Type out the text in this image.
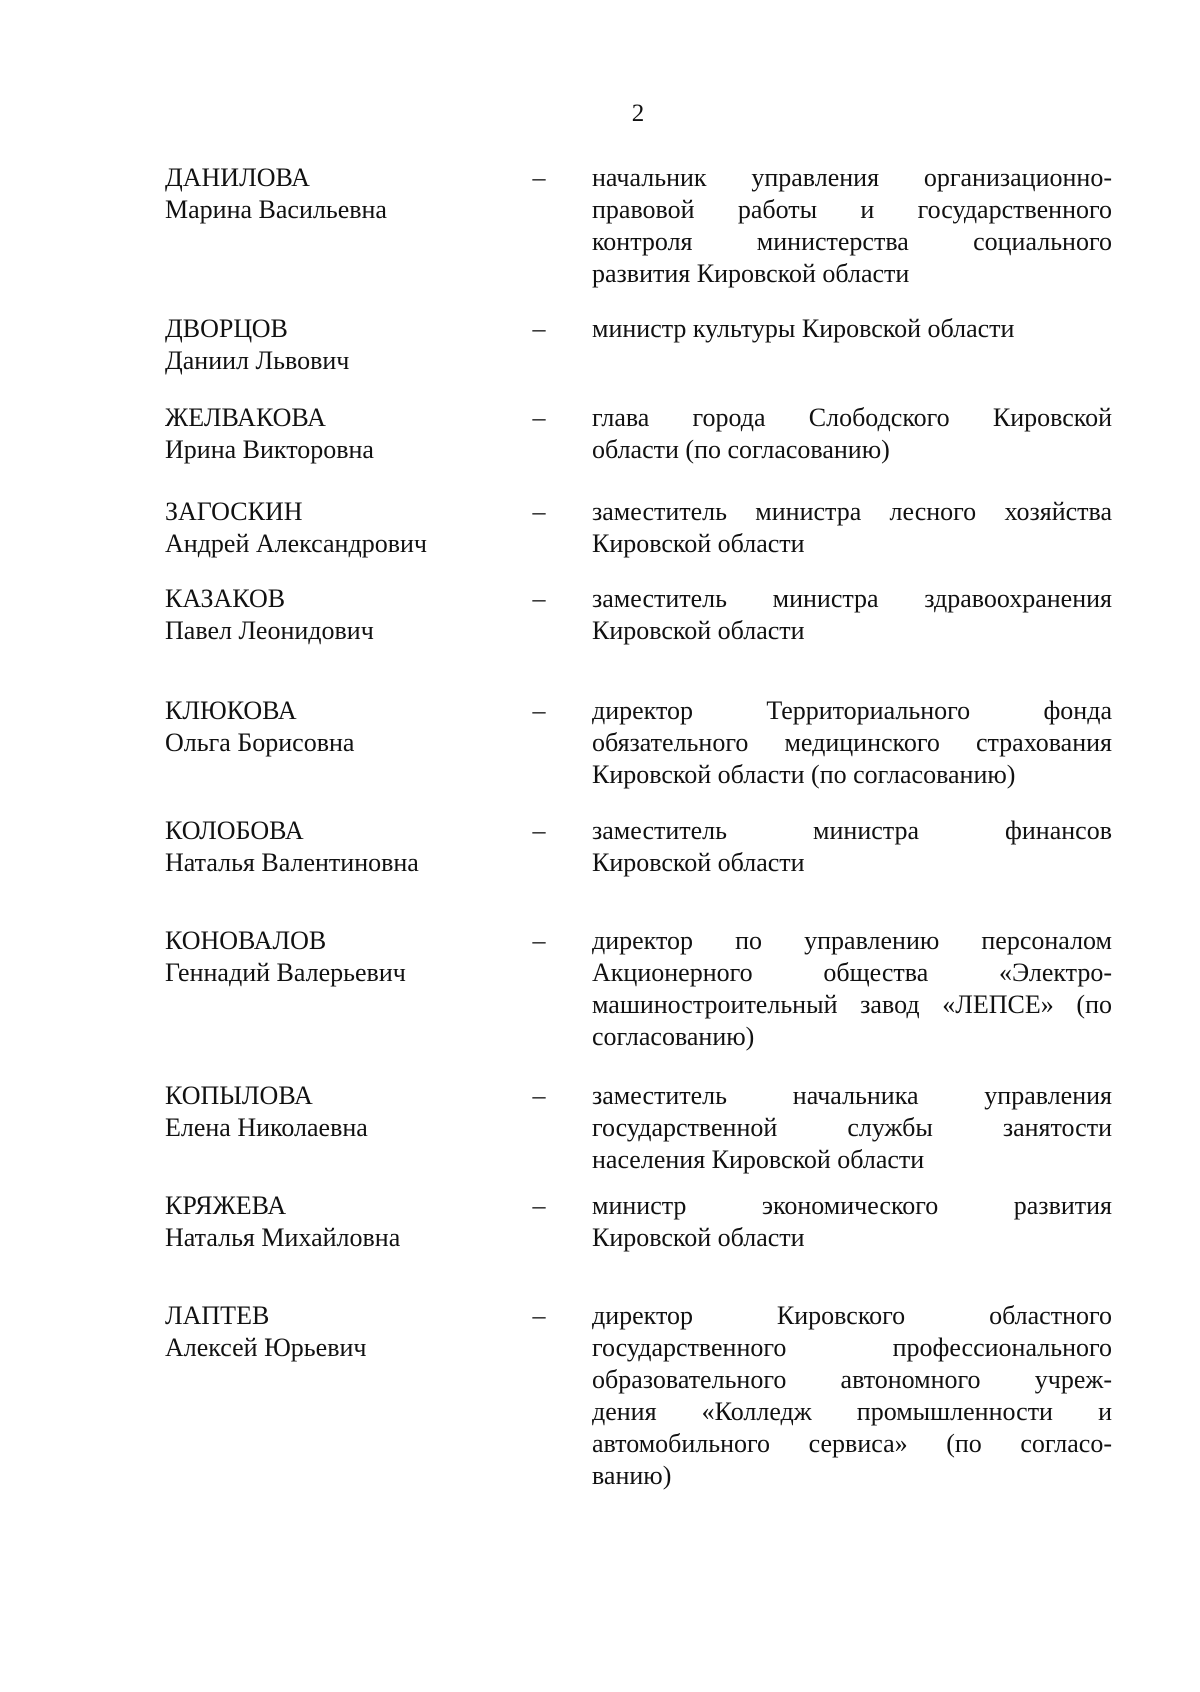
2
ДАНИЛОВА
Марина Васильевна
– начальник управления организационно-
правовой работы и государственного
контроля министерства социального
развития Кировской области
ДВОРЦОВ
Даниил Львович
– министр культуры Кировской области
ЖЕЛВАКОВА
Ирина Викторовна
– глава города Слободского Кировской
области (по согласованию)
ЗАГОСКИН
Андрей Александрович
– заместитель министра лесного хозяйства
Кировской области
КАЗАКОВ
Павел Леонидович
– заместитель министра здравоохранения
Кировской области
КЛЮКОВА
Ольга Борисовна
– директор Территориального фонда
обязательного медицинского страхования
Кировской области (по согласованию)
КОЛОБОВА
Наталья Валентиновна
– заместитель министра финансов
Кировской области
КОНОВАЛОВ
Геннадий Валерьевич
– директор по управлению персоналом
Акционерного общества «Электро-
машиностроительный завод «ЛЕПСЕ» (по
согласованию)
КОПЫЛОВА
Елена Николаевна
– заместитель начальника управления
государственной службы занятости
населения Кировской области
КРЯЖЕВА
Наталья Михайловна
– министр экономического развития
Кировской области
ЛАПТЕВ
Алексей Юрьевич
– директор Кировского областного
государственного профессионального
образовательного автономного учреж-
дения «Колледж промышленности и
автомобильного сервиса» (по согласо-
ванию)
